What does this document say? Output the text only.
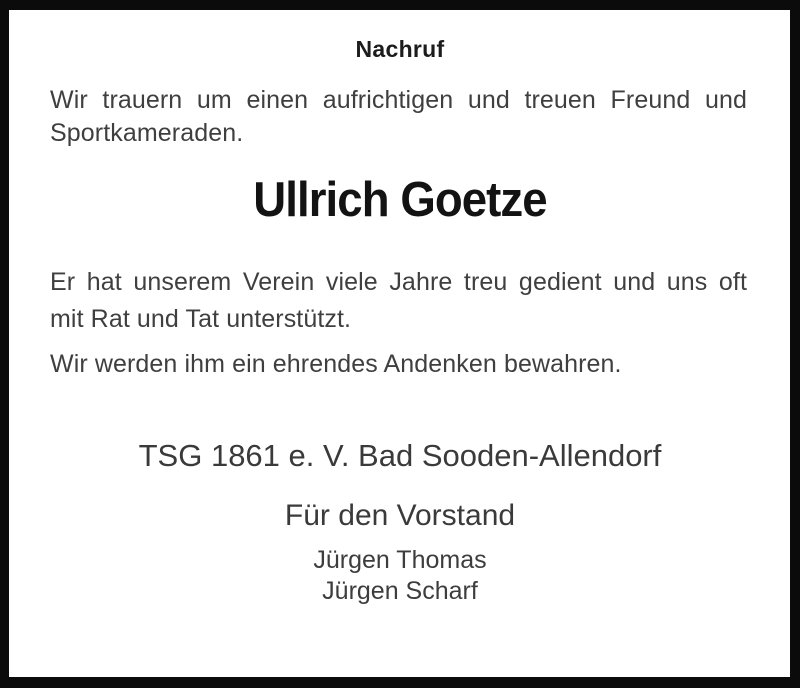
Nachruf
Wir trauern um einen aufrichtigen und treuen Freund und
Sportkameraden.
Ullrich Goetze
Er hat unserem Verein viele Jahre treu gedient und uns oft
mit Rat und Tat unterstützt.
Wir werden ihm ein ehrendes Andenken bewahren.
TSG 1861 e. V. Bad Sooden-Allendorf
Für den Vorstand
Jürgen Thomas
Jürgen Scharf
